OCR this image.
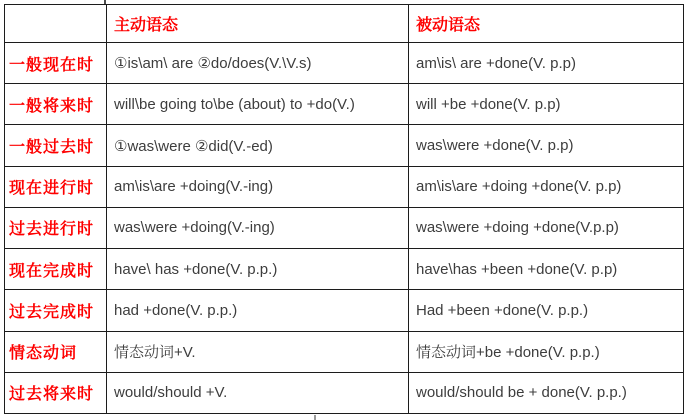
	主动语态	被动语态
一般现在时	①is\am\ are ②do/does(V.\V.s)	am\is\ are +done(V. p.p)
一般将来时	will\be going to\be (about) to +do(V.)	will +be +done(V. p.p)
一般过去时	①was\were ②did(V.-ed)	was\were +done(V. p.p)
现在进行时	am\is\are +doing(V.-ing)	am\is\are +doing +done(V. p.p)
过去进行时	was\were +doing(V.-ing)	was\were +doing +done(V.p.p)
现在完成时	have\ has +done(V. p.p.)	have\has +been +done(V. p.p)
过去完成时	had +done(V. p.p.)	Had +been +done(V. p.p.)
情态动词	情态动词+V.	情态动词+be +done(V. p.p.)
过去将来时	would/should +V.	would/should be + done(V. p.p.)
